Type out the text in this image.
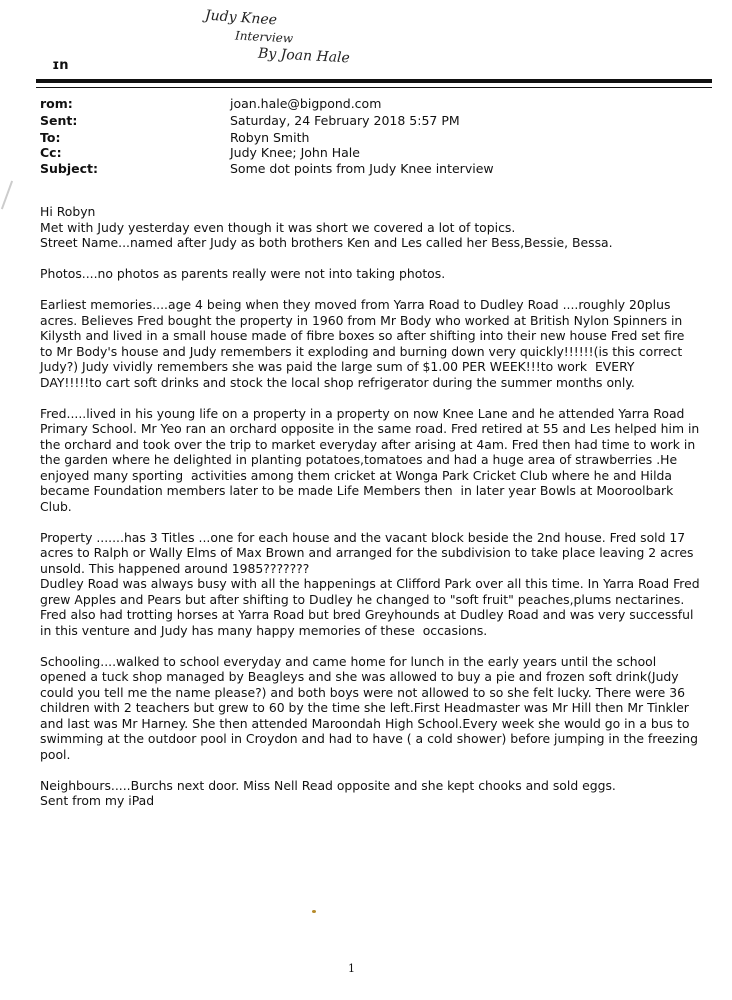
Judy Knee
Interview
By Joan Hale
   ɪn
rom:	joan.hale@bigpond.com
Sent:	Saturday, 24 February 2018 5:57 PM
To:	Robyn Smith
Cc:	Judy Knee; John Hale
Subject:	Some dot points from Judy Knee interview

Hi Robyn
Met with Judy yesterday even though it was short we covered a lot of topics.
Street Name...named after Judy as both brothers Ken and Les called her Bess,Bessie, Bessa.

Photos....no photos as parents really were not into taking photos.

Earliest memories....age 4 being when they moved from Yarra Road to Dudley Road ....roughly 20plus acres. Believes Fred bought the property in 1960 from Mr Body who worked at British Nylon Spinners in Kilysth and lived in a small house made of fibre boxes so after shifting into their new house Fred set fire to Mr Body's house and Judy remembers it exploding and burning down very quickly!!!!!!(is this correct Judy?) Judy vividly remembers she was paid the large sum of $1.00 PER WEEK!!!to work  EVERY DAY!!!!!to cart soft drinks and stock the local shop refrigerator during the summer months only.

Fred.....lived in his young life on a property in a property on now Knee Lane and he attended Yarra Road Primary School. Mr Yeo ran an orchard opposite in the same road. Fred retired at 55 and Les helped him in the orchard and took over the trip to market everyday after arising at 4am. Fred then had time to work in the garden where he delighted in planting potatoes,tomatoes and had a huge area of strawberries .He enjoyed many sporting  activities among them cricket at Wonga Park Cricket Club where he and Hilda became Foundation members later to be made Life Members then  in later year Bowls at Mooroolbark Club.

Property .......has 3 Titles ...one for each house and the vacant block beside the 2nd house. Fred sold 17 acres to Ralph or Wally Elms of Max Brown and arranged for the subdivision to take place leaving 2 acres unsold. This happened around 1985???????
Dudley Road was always busy with all the happenings at Clifford Park over all this time. In Yarra Road Fred grew Apples and Pears but after shifting to Dudley he changed to "soft fruit" peaches,plums nectarines. Fred also had trotting horses at Yarra Road but bred Greyhounds at Dudley Road and was very successful in this venture and Judy has many happy memories of these  occasions.

Schooling....walked to school everyday and came home for lunch in the early years until the school opened a tuck shop managed by Beagleys and she was allowed to buy a pie and frozen soft drink(Judy could you tell me the name please?) and both boys were not allowed to so she felt lucky. There were 36 children with 2 teachers but grew to 60 by the time she left.First Headmaster was Mr Hill then Mr Tinkler  and last was Mr Harney. She then attended Maroondah High School.Every week she would go in a bus to swimming at the outdoor pool in Croydon and had to have ( a cold shower) before jumping in the freezing pool.

Neighbours.....Burchs next door. Miss Nell Read opposite and she kept chooks and sold eggs.
Sent from my iPad

1
